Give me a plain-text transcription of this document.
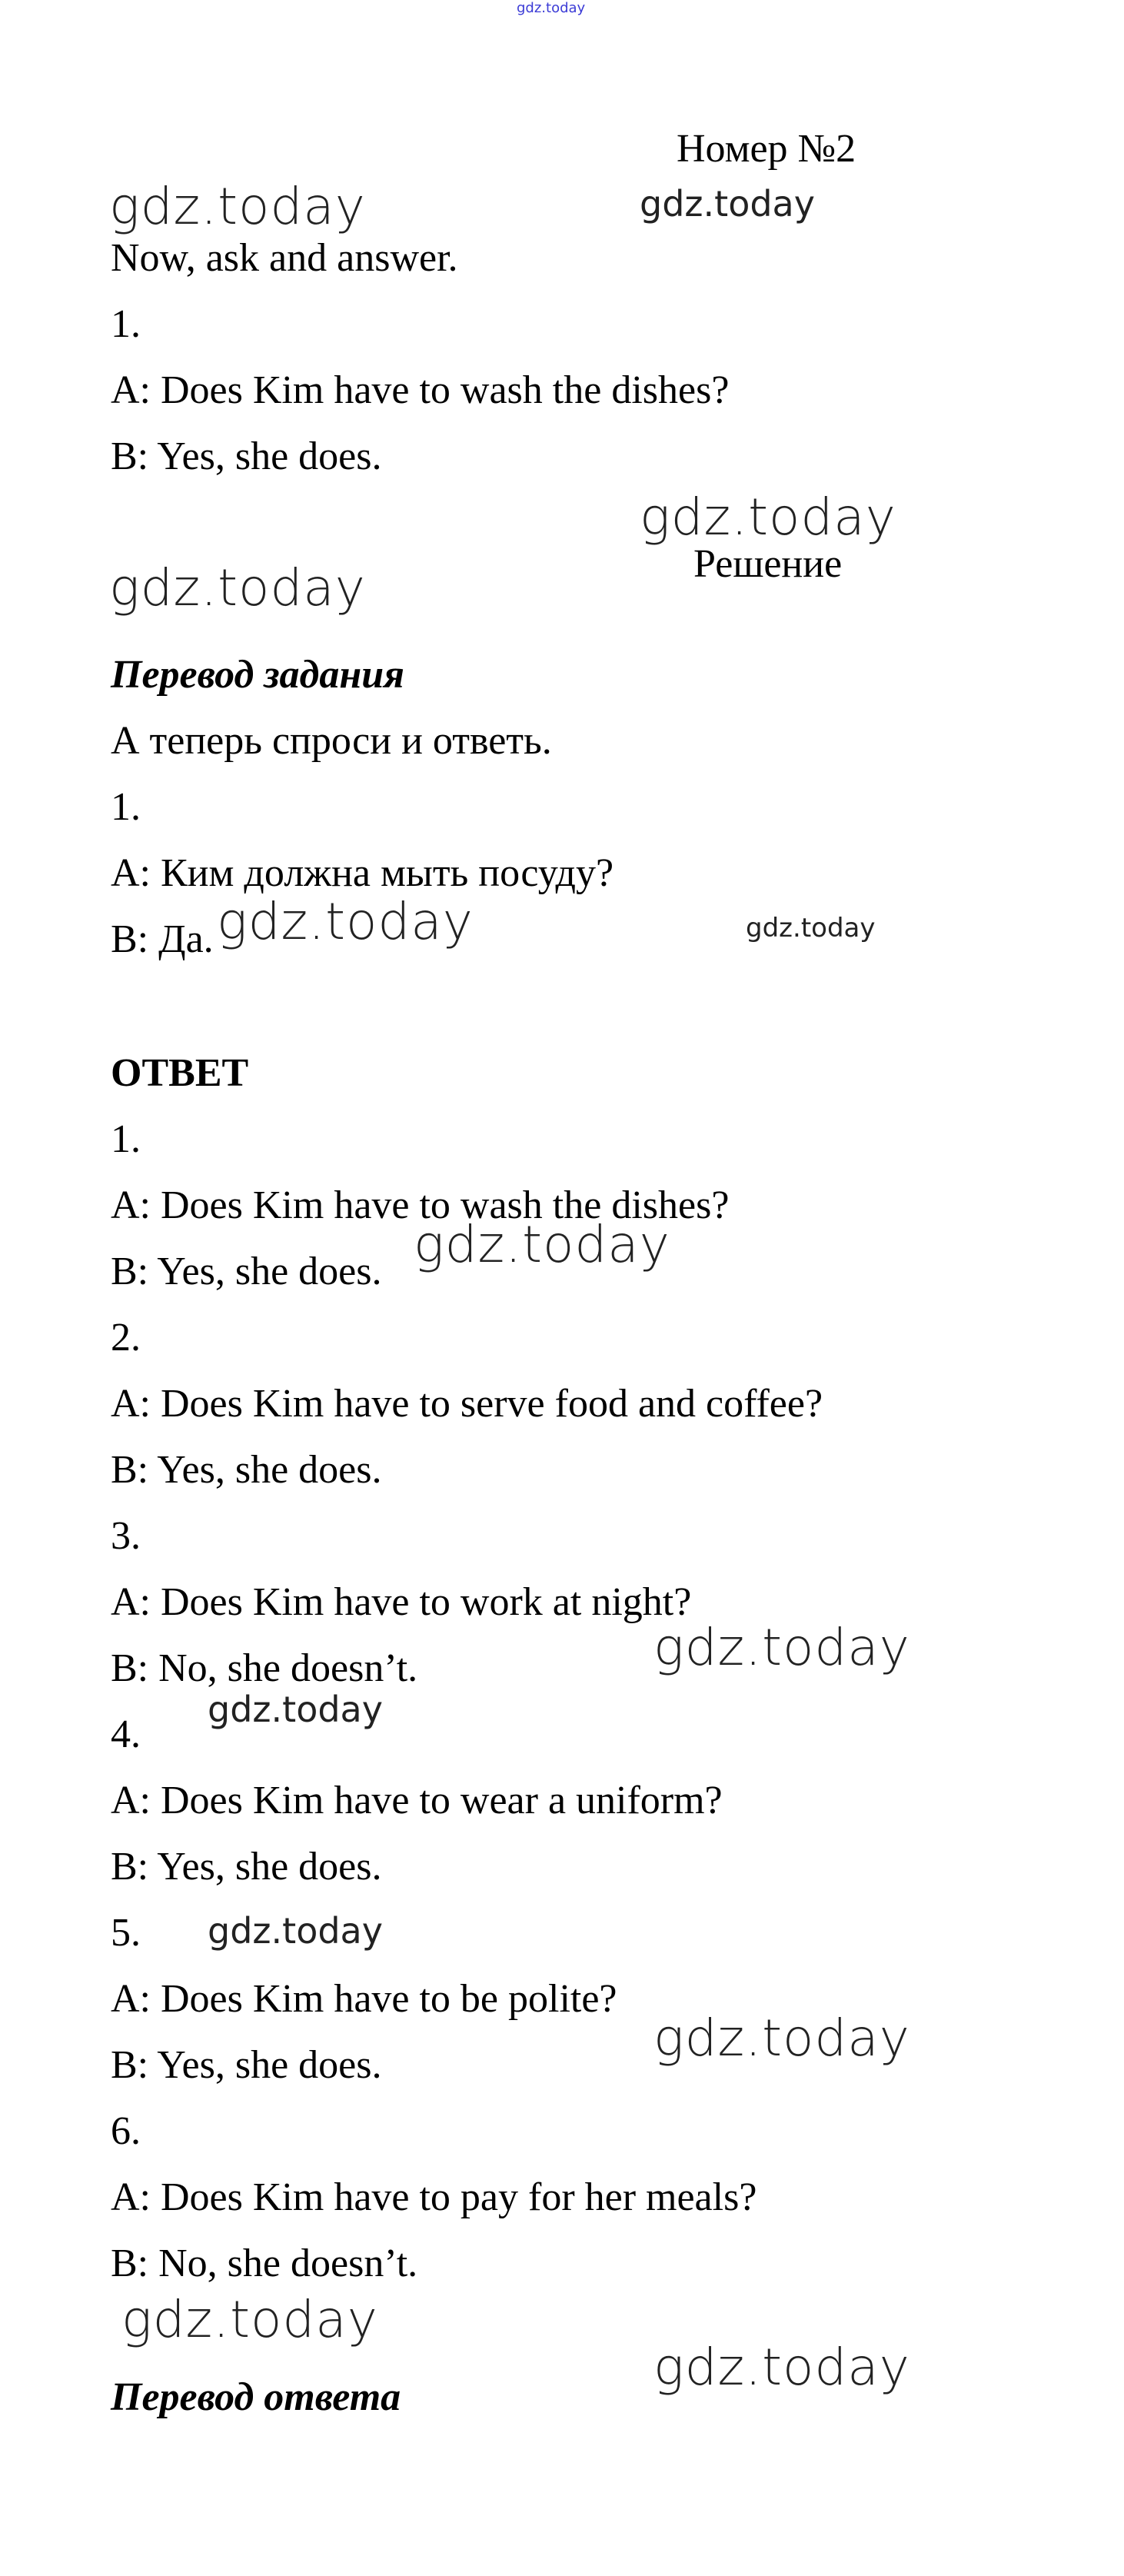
gdz.today
Номер №2
gdz.today	gdz.today
Now, ask and answer.
1.
A: Does Kim have to wash the dishes?
B: Yes, she does.
gdz.today
Решение
gdz.today
Перевод задания
А теперь спроси и ответь.
1.
A: Ким должна мыть посуду?
B: Да. gdz.today	gdz.today
ОТВЕТ
1.
A: Does Kim have to wash the dishes?
B: Yes, she does. gdz.today
2.
A: Does Kim have to serve food and coffee?
B: Yes, she does.
3.
A: Does Kim have to work at night?
B: No, she doesn’t.	gdz.today
gdz.today
4.
A: Does Kim have to wear a uniform?
B: Yes, she does.
5. gdz.today
A: Does Kim have to be polite?
B: Yes, she does.	gdz.today
6.
A: Does Kim have to pay for her meals?
B: No, she doesn’t.
gdz.today
gdz.today
Перевод ответа
